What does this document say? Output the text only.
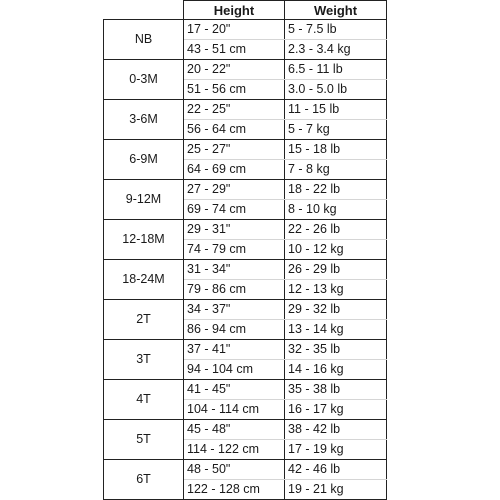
	Height	Weight
NB	17 - 20"	5 - 7.5 lb
	43 - 51 cm	2.3 - 3.4 kg
0-3M	20 - 22"	6.5 - 11 lb
	51 - 56 cm	3.0 - 5.0 lb
3-6M	22 - 25"	11 - 15 lb
	56 - 64 cm	5 - 7 kg
6-9M	25 - 27"	15 - 18 lb
	64 - 69 cm	7 - 8 kg
9-12M	27 - 29"	18 - 22 lb
	69 - 74 cm	8 - 10 kg
12-18M	29 - 31"	22 - 26 lb
	74 - 79 cm	10 - 12 kg
18-24M	31 - 34"	26 - 29 lb
	79 - 86 cm	12 - 13 kg
2T	34 - 37"	29 - 32 lb
	86 - 94 cm	13 - 14 kg
3T	37 - 41"	32 - 35 lb
	94 - 104 cm	14 - 16 kg
4T	41 - 45"	35 - 38 lb
	104 - 114 cm	16 - 17 kg
5T	45 - 48"	38 - 42 lb
	114 - 122 cm	17 - 19 kg
6T	48 - 50"	42 - 46 lb
	122 - 128 cm	19 - 21 kg
